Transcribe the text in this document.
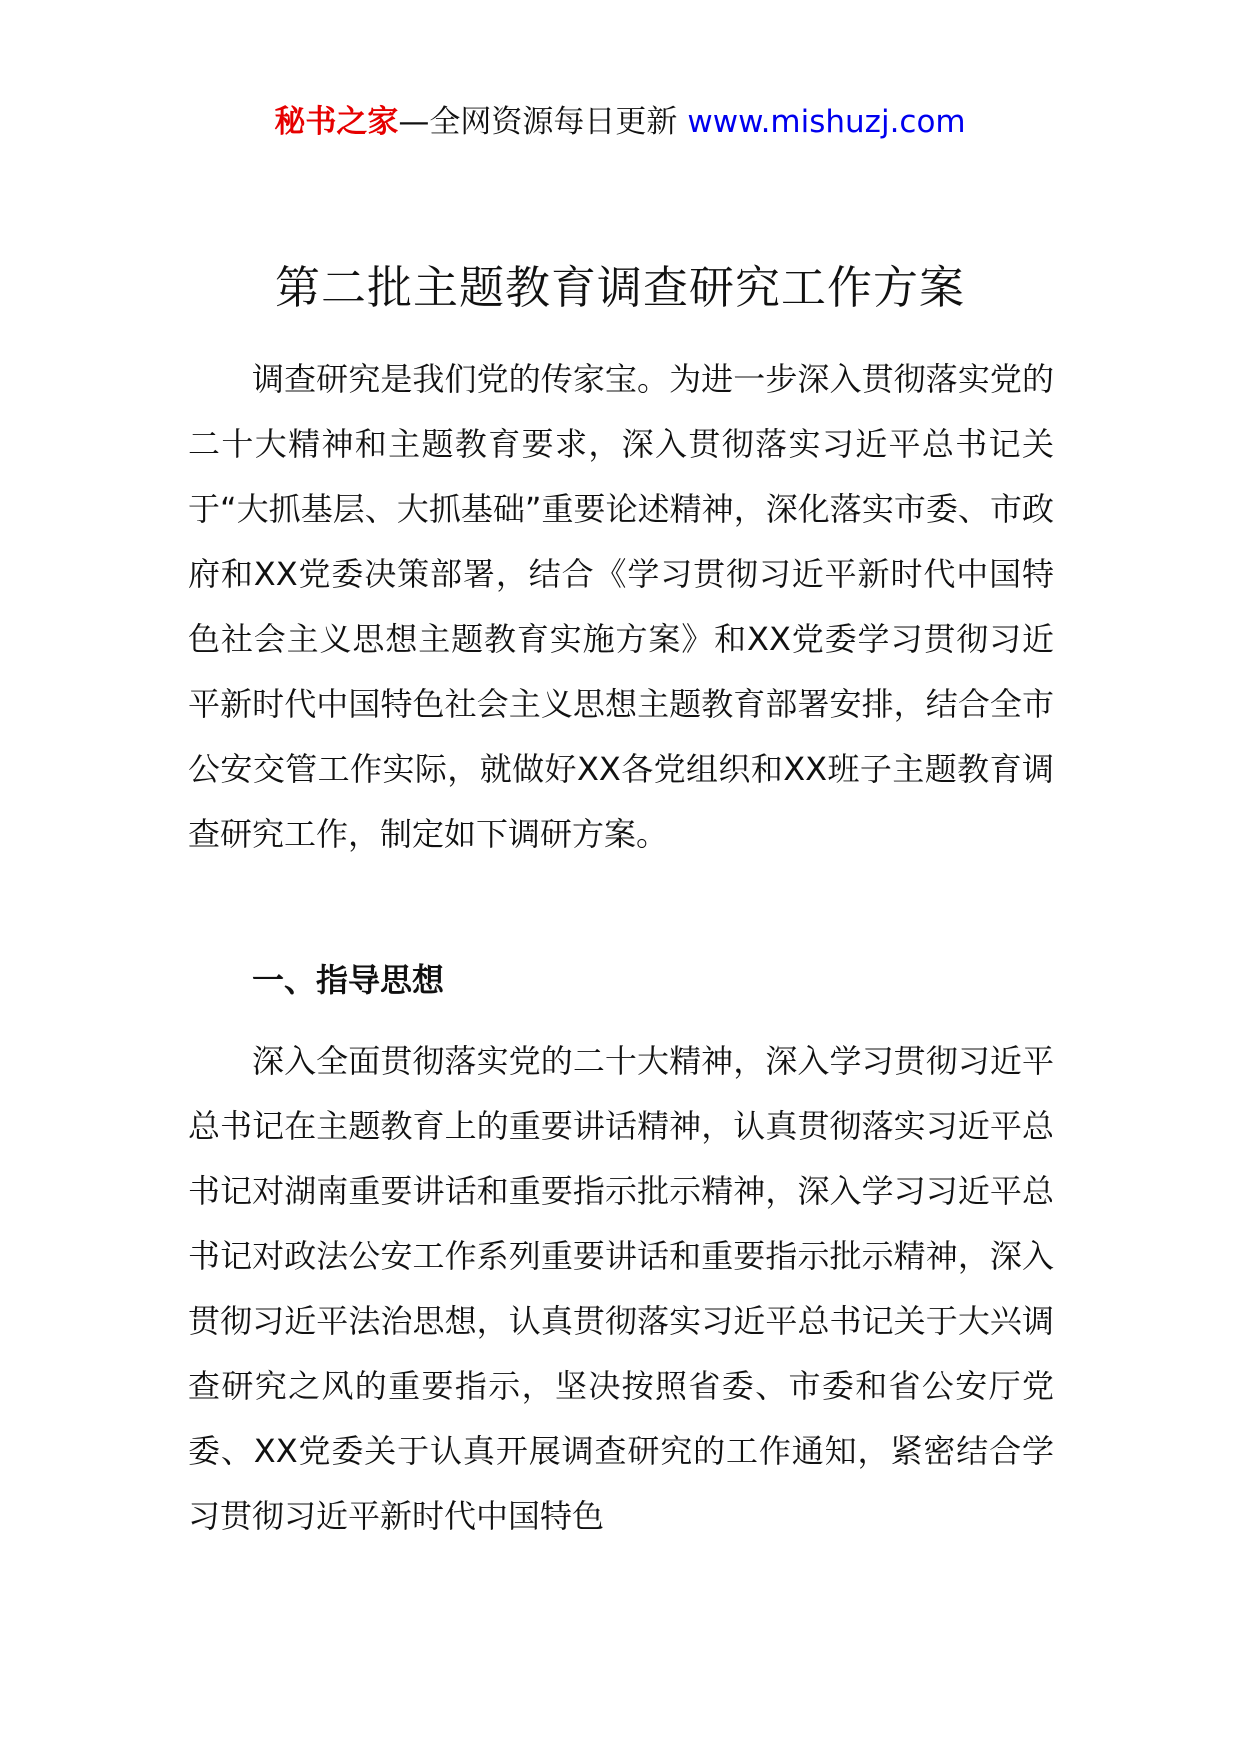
秘书之家—全网资源每日更新 www.mishuzj.com
第二批主题教育调查研究工作方案

调查研究是我们党的传家宝。为进一步深入贯彻落实党的二十大精神和主题教育要求，深入贯彻落实习近平总书记关于“大抓基层、大抓基础”重要论述精神，深化落实市委、市政府和XX党委决策部署，结合《学习贯彻习近平新时代中国特色社会主义思想主题教育实施方案》和XX党委学习贯彻习近平新时代中国特色社会主义思想主题教育部署安排，结合全市公安交管工作实际，就做好XX各党组织和XX班子主题教育调查研究工作，制定如下调研方案。

一、指导思想

深入全面贯彻落实党的二十大精神，深入学习贯彻习近平总书记在主题教育上的重要讲话精神，认真贯彻落实习近平总书记对湖南重要讲话和重要指示批示精神，深入学习习近平总书记对政法公安工作系列重要讲话和重要指示批示精神，深入贯彻习近平法治思想，认真贯彻落实习近平总书记关于大兴调查研究之风的重要指示，坚决按照省委、市委和省公安厅党委、XX党委关于认真开展调查研究的工作通知，紧密结合学习贯彻习近平新时代中国特色
